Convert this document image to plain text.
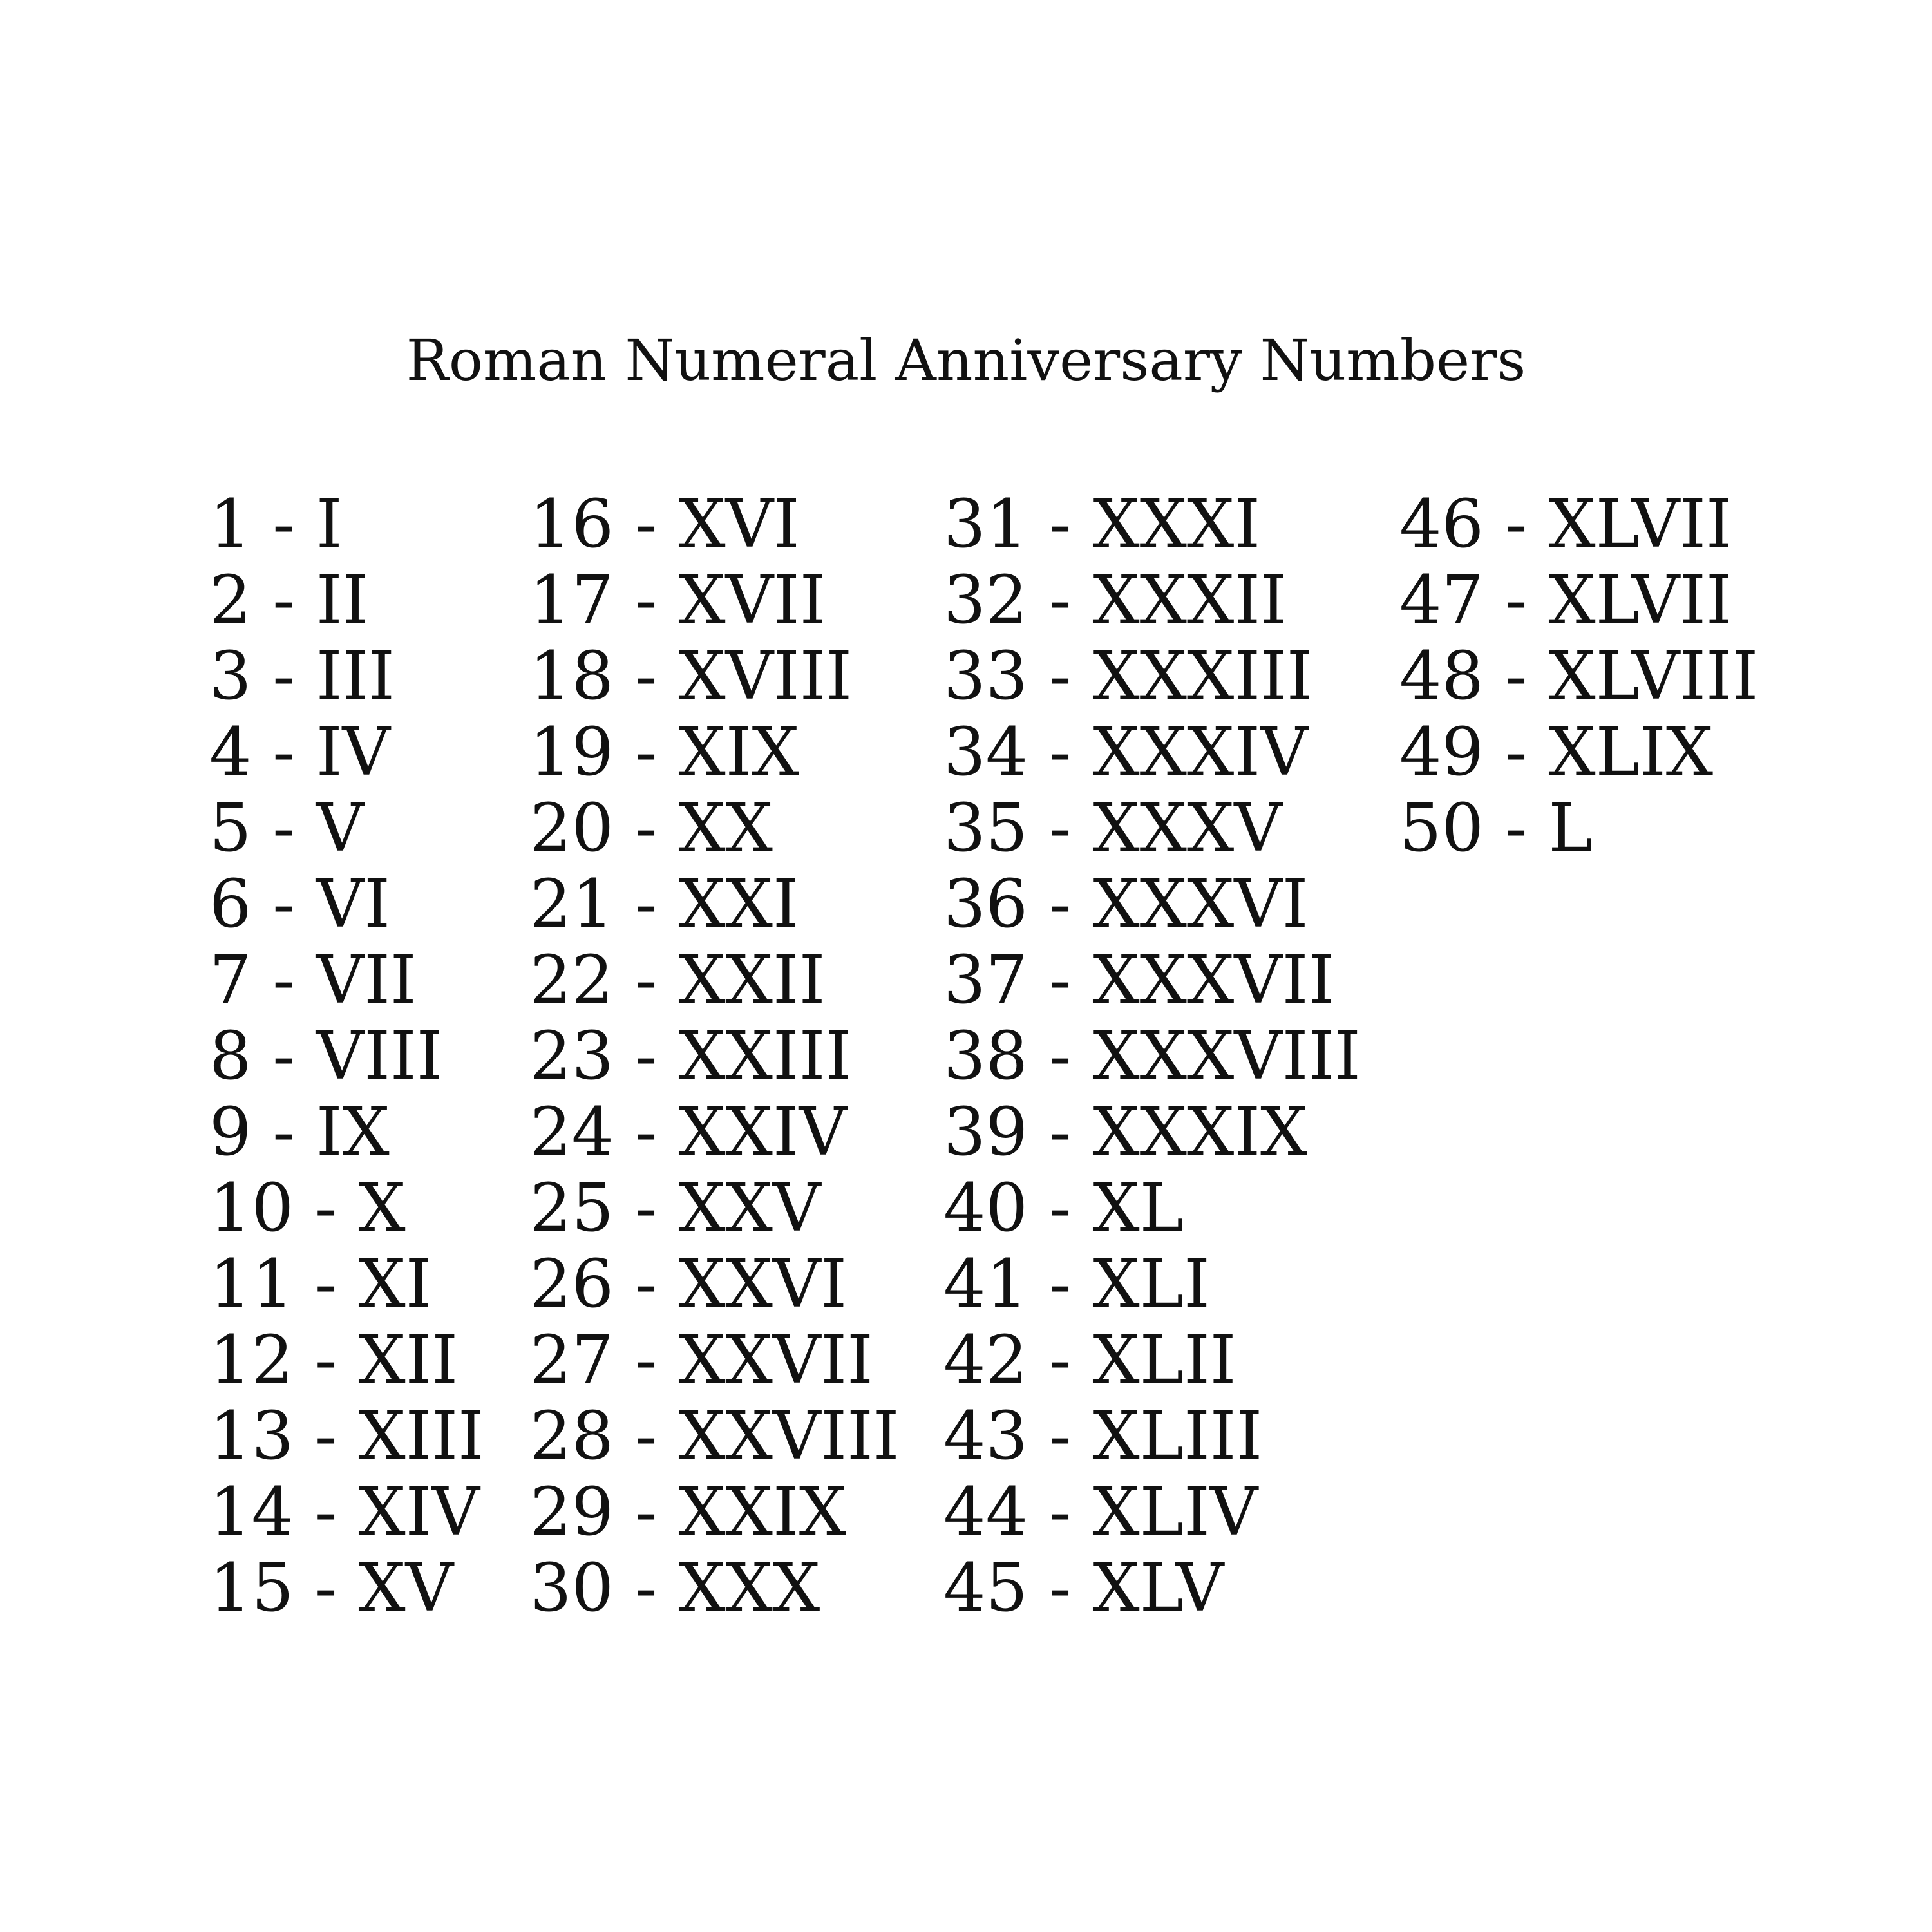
Roman Numeral Anniversary Numbers
1 - I
2 - II
3 - III
4 - IV
5 - V
6 - VI
7 - VII
8 - VIII
9 - IX
10 - X
11 - XI
12 - XII
13 - XIII
14 - XIV
15 - XV
16 - XVI
17 - XVII
18 - XVIII
19 - XIX
20 - XX
21 - XXI
22 - XXII
23 - XXIII
24 - XXIV
25 - XXV
26 - XXVI
27 - XXVII
28 - XXVIII
29 - XXIX
30 - XXX
31 - XXXI
32 - XXXII
33 - XXXIII
34 - XXXIV
35 - XXXV
36 - XXXVI
37 - XXXVII
38 - XXXVIII
39 - XXXIX
40 - XL
41 - XLI
42 - XLII
43 - XLIII
44 - XLIV
45 - XLV
46 - XLVII
47 - XLVII
48 - XLVIII
49 - XLIX
50 - L
